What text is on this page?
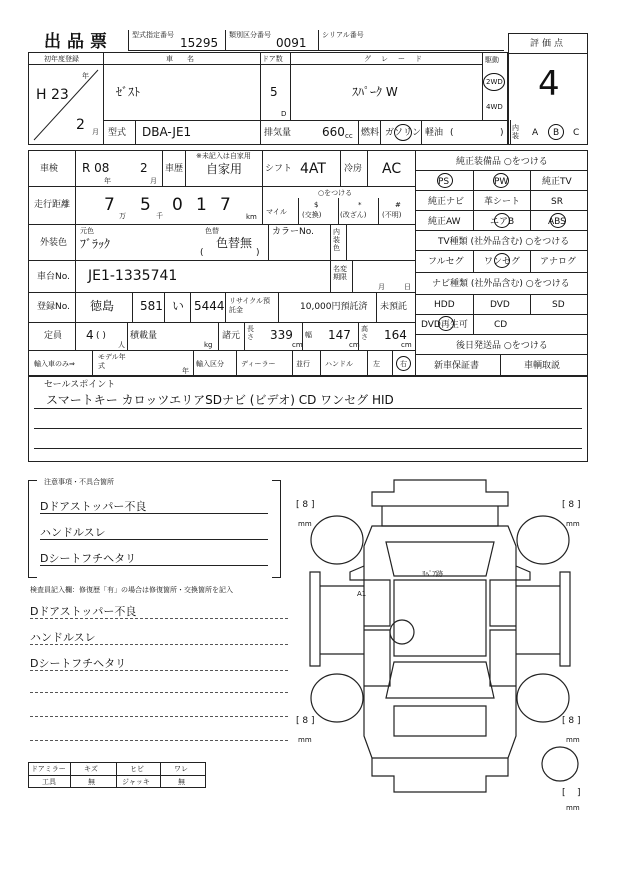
出品票	型式指定番号
15295
類別区分番号
0091
シリアル番号
評価点
4
初年度登録
年
H 23
2 月
車名
ｾﾞｽﾄ
ドア数
5
D
グレード
ｽﾊﾟｰｸ W
駆動
2WD
4WD
型式 DBA-JE1	排気量	660 cc 燃料 ガソリン 軽油 (	) 内装 A B C
車検 R 08
年
2
月
車歴
※未記入は自家用
自家用	シフト 4AT 冷房 AC
走行距離 7
万
5
千
0 1 7
km
○をつける
マイル
$
(交換)
*
(改ざん)
#
(不明)
外装色
元色
ﾌﾞﾗｯｸ
色替
色替無
(	)
カラーNo.	内装色
車台No. JE1-1335741	名変期限
月	日
登録No. 徳島 581 い 5444 リサイクル預託金	10,000円預託済 未預託
定員 4 ( )
人
積載量
kg
諸元
長さ 339
cm
幅 147
cm
高さ 164
cm
輸入車のみ⇒
モデル年式
年
輸入区分 ディーラー	並行 ハンドル	左	右
純正装備品 ○をつける
PS	PW	純正TV
純正ナビ 革シート	SR
純正AW	エアB	ABS
TV種類 (社外品含む) ○をつける
フルセグ ワンセグ アナログ
ナビ種類 (社外品含む) ○をつける
HDD	DVD	SD
DVD再生可	CD
後日発送品 ○をつける
新車保証書	車輌取説
セールスポイント
スマートキー カロッツエリアSDナビ (ビデオ) CD ワンセグ HID
注意事項・不具合箇所
Dドアストッパー不良
ハンドルスレ
Dシートフチヘタリ
検査員記入欄：修復歴「有」の場合は修復箇所・交換箇所を記入
Dドアストッパー不良
ハンドルスレ
Dシートフチヘタリ
ドアミラー	キズ	ヒビ	ワレ
工具	無	ジャッキ	無
A1
ﾘﾍﾟｱ跡
[ 8 ]
mm
[ 8 ]
mm
[ 8 ]
mm
[ 8 ]
mm
[    ]
mm
